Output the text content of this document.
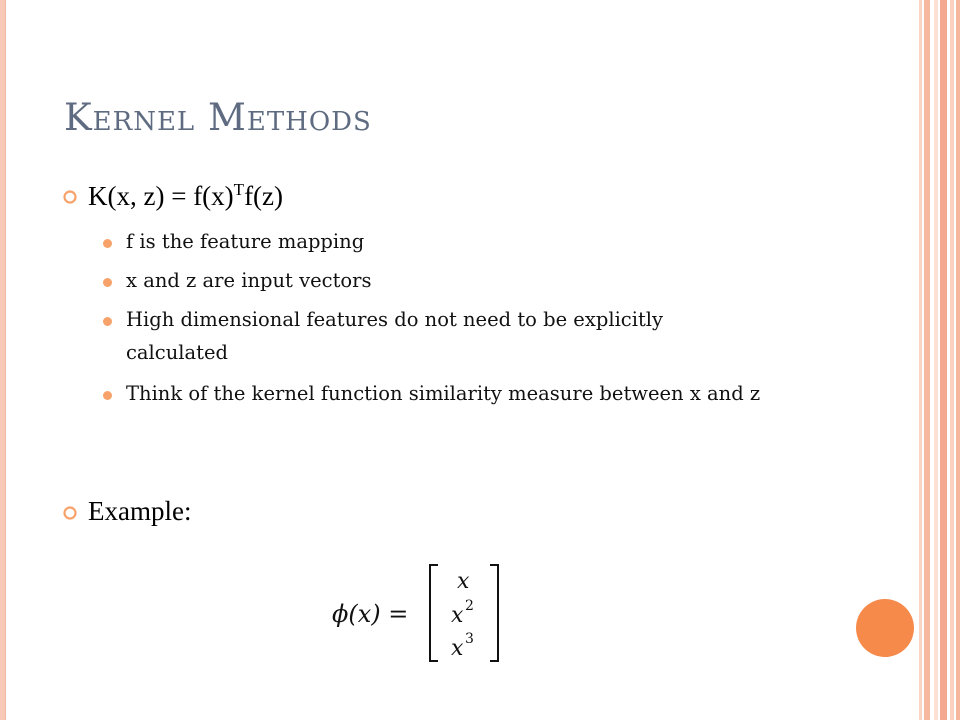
Kernel Methods
K(x, $z) = f(x)^Tf(z)$
f is the feature mapping
x and z are input vectors
High dimensional features do not need to be explicitly calculated
Think of the kernel function similarity measure between x and z
Example:
ϕ(x) =
x
x 2
x 3
